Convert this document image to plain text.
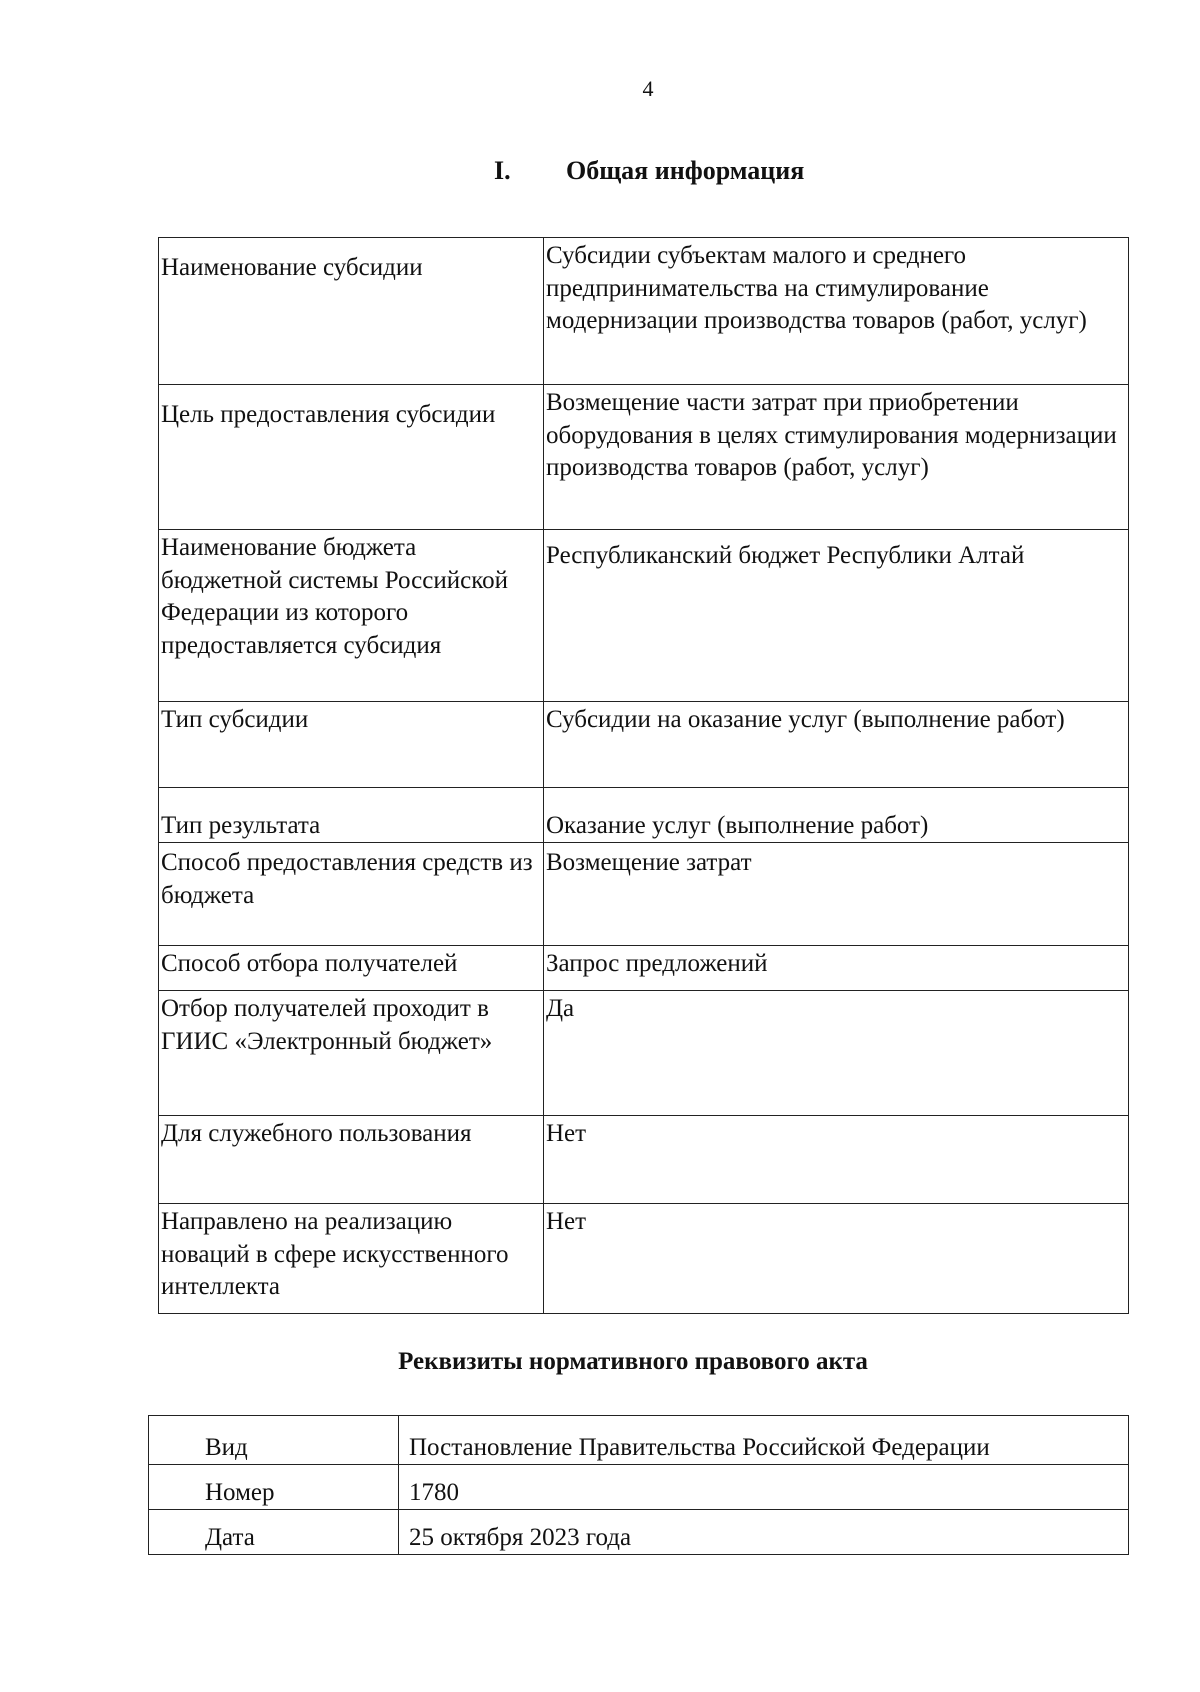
4
I. Общая информация
Наименование субсидии	Субсидии субъектам малого и среднего предпринимательства на стимулирование модернизации производства товаров (работ, услуг)
Цель предоставления субсидии	Возмещение части затрат при приобретении оборудования в целях стимулирования модернизации производства товаров (работ, услуг)
Наименование бюджета бюджетной системы Российской Федерации из которого предоставляется субсидия	Республиканский бюджет Республики Алтай
Тип субсидии	Субсидии на оказание услуг (выполнение работ)
Тип результата	Оказание услуг (выполнение работ)
Способ предоставления средств из бюджета	Возмещение затрат
Способ отбора получателей	Запрос предложений
Отбор получателей проходит в ГИИС «Электронный бюджет»	Да
Для служебного пользования	Нет
Направлено на реализацию новаций в сфере искусственного интеллекта	Нет
Реквизиты нормативного правового акта
Вид	Постановление Правительства Российской Федерации
Номер	1780
Дата	25 октября 2023 года
